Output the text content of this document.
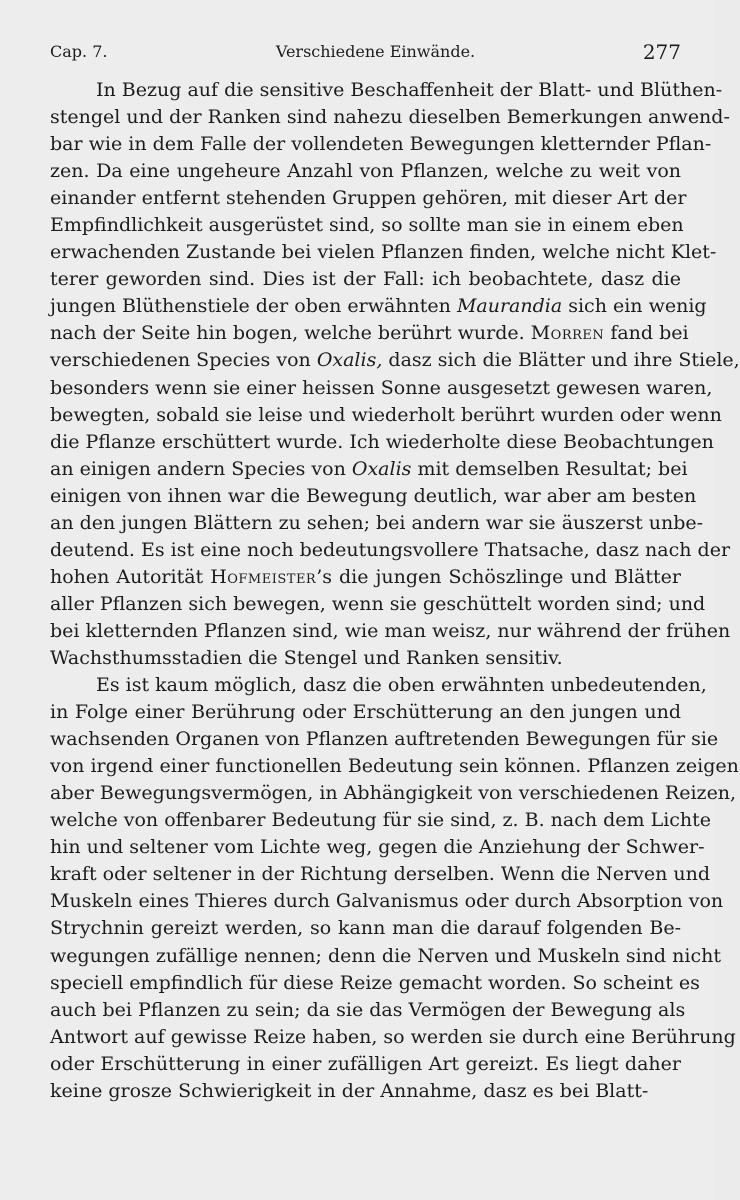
Cap. 7.	Verschiedene Einwände.	277
In Bezug auf die sensitive Beschaffenheit der Blatt- und Blüthen-
stengel und der Ranken sind nahezu dieselben Bemerkungen anwend-
bar wie in dem Falle der vollendeten Bewegungen kletternder Pflan-
zen. Da eine ungeheure Anzahl von Pflanzen, welche zu weit von
einander entfernt stehenden Gruppen gehören, mit dieser Art der
Empfindlichkeit ausgerüstet sind, so sollte man sie in einem eben
erwachenden Zustande bei vielen Pflanzen finden, welche nicht Klet-
terer geworden sind. Dies ist der Fall: ich beobachtete, dasz die
jungen Blüthenstiele der oben erwähnten Maurandia sich ein wenig
nach der Seite hin bogen, welche berührt wurde. Morren fand bei
verschiedenen Species von Oxalis, dasz sich die Blätter und ihre Stiele,
besonders wenn sie einer heissen Sonne ausgesetzt gewesen waren,
bewegten, sobald sie leise und wiederholt berührt wurden oder wenn
die Pflanze erschüttert wurde. Ich wiederholte diese Beobachtungen
an einigen andern Species von Oxalis mit demselben Resultat; bei
einigen von ihnen war die Bewegung deutlich, war aber am besten
an den jungen Blättern zu sehen; bei andern war sie äuszerst unbe-
deutend. Es ist eine noch bedeutungsvollere Thatsache, dasz nach der
hohen Autorität Hofmeister’s die jungen Schöszlinge und Blätter
aller Pflanzen sich bewegen, wenn sie geschüttelt worden sind; und
bei kletternden Pflanzen sind, wie man weisz, nur während der frühen
Wachsthumsstadien die Stengel und Ranken sensitiv.
Es ist kaum möglich, dasz die oben erwähnten unbedeutenden,
in Folge einer Berührung oder Erschütterung an den jungen und
wachsenden Organen von Pflanzen auftretenden Bewegungen für sie
von irgend einer functionellen Bedeutung sein können. Pflanzen zeigen
aber Bewegungsvermögen, in Abhängigkeit von verschiedenen Reizen,
welche von offenbarer Bedeutung für sie sind, z. B. nach dem Lichte
hin und seltener vom Lichte weg, gegen die Anziehung der Schwer-
kraft oder seltener in der Richtung derselben. Wenn die Nerven und
Muskeln eines Thieres durch Galvanismus oder durch Absorption von
Strychnin gereizt werden, so kann man die darauf folgenden Be-
wegungen zufällige nennen; denn die Nerven und Muskeln sind nicht
speciell empfindlich für diese Reize gemacht worden. So scheint es
auch bei Pflanzen zu sein; da sie das Vermögen der Bewegung als
Antwort auf gewisse Reize haben, so werden sie durch eine Berührung
oder Erschütterung in einer zufälligen Art gereizt. Es liegt daher
keine grosze Schwierigkeit in der Annahme, dasz es bei Blatt-
